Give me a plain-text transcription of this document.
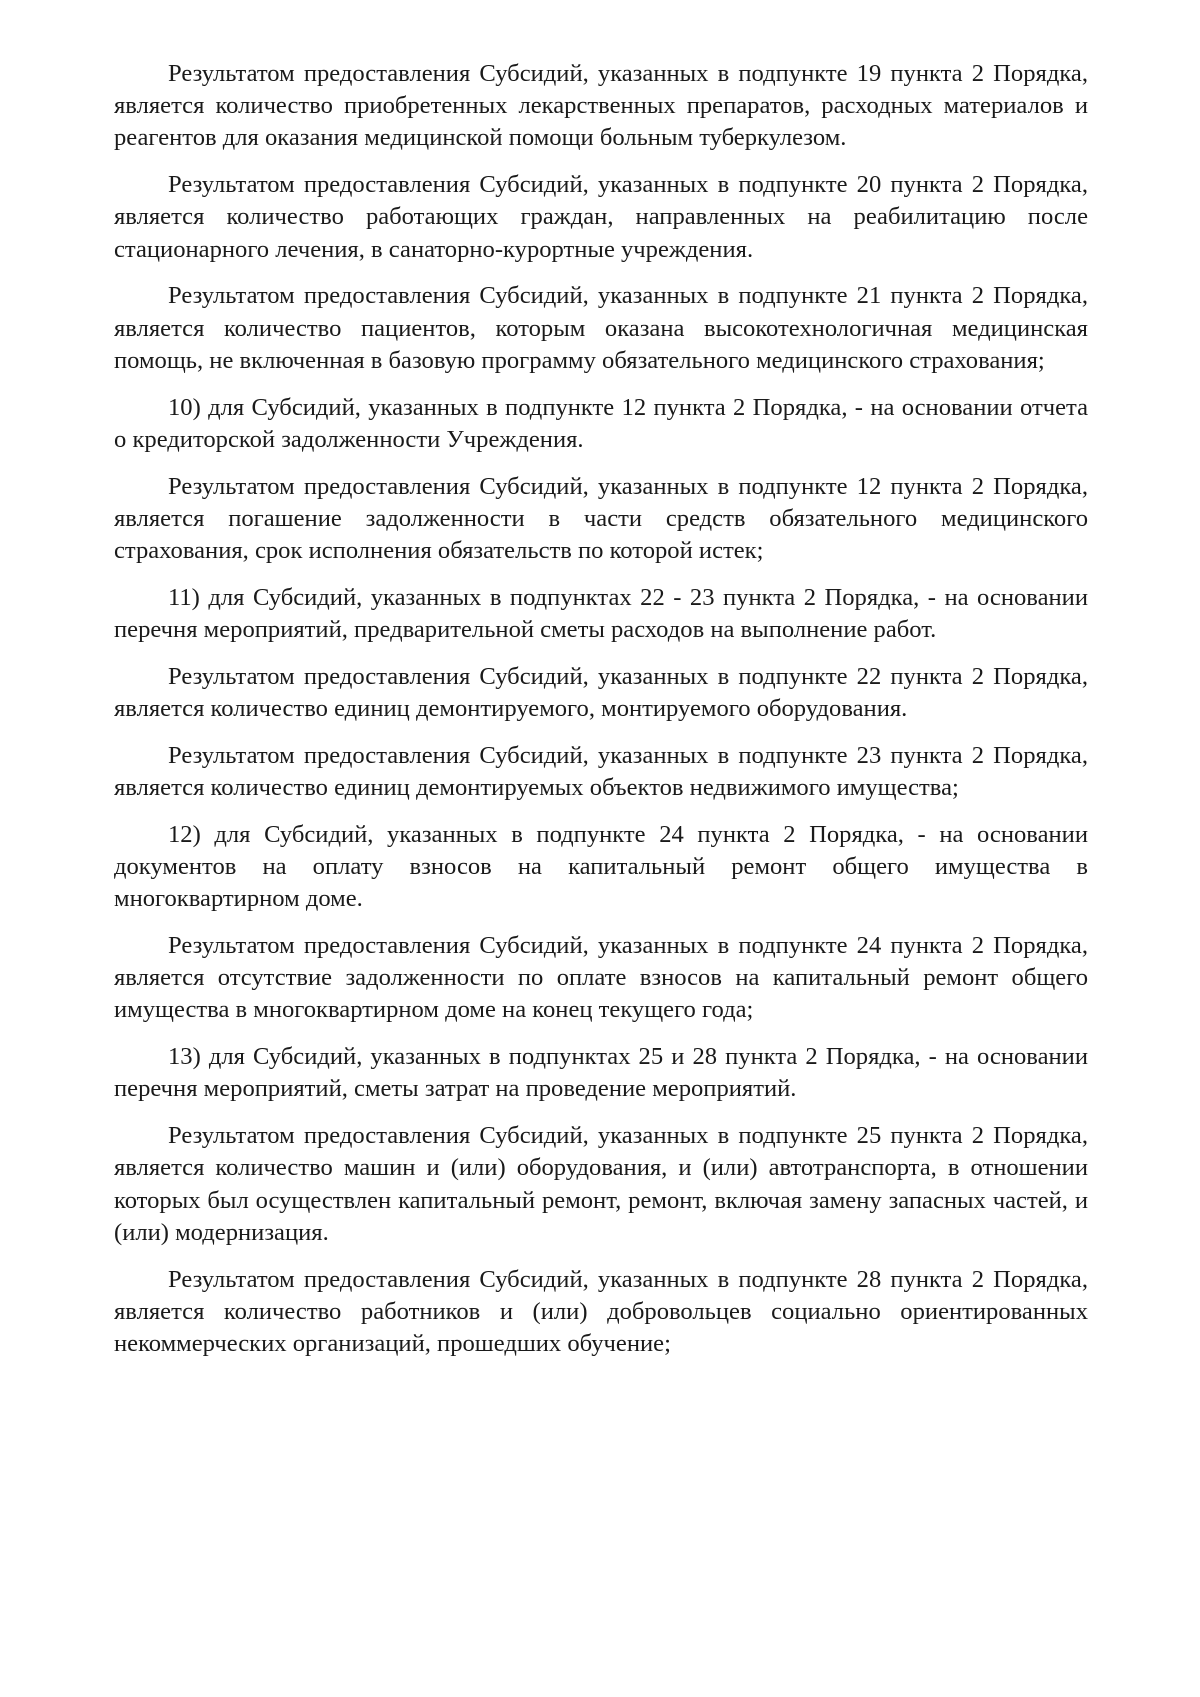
Результатом предоставления Субсидий, указанных в подпункте 19 пункта 2 Порядка, является количество приобретенных лекарственных препаратов, расходных материалов и реагентов для оказания медицинской помощи больным туберкулезом.

Результатом предоставления Субсидий, указанных в подпункте 20 пункта 2 Порядка, является количество работающих граждан, направленных на реабилитацию после стационарного лечения, в санаторно-курортные учреждения.

Результатом предоставления Субсидий, указанных в подпункте 21 пункта 2 Порядка, является количество пациентов, которым оказана высокотехнологичная медицинская помощь, не включенная в базовую программу обязательного медицинского страхования;

10) для Субсидий, указанных в подпункте 12 пункта 2 Порядка, - на основании отчета о кредиторской задолженности Учреждения.

Результатом предоставления Субсидий, указанных в подпункте 12 пункта 2 Порядка, является погашение задолженности в части средств обязательного медицинского страхования, срок исполнения обязательств по которой истек;

11) для Субсидий, указанных в подпунктах 22 - 23 пункта 2 Порядка, - на основании перечня мероприятий, предварительной сметы расходов на выполнение работ.

Результатом предоставления Субсидий, указанных в подпункте 22 пункта 2 Порядка, является количество единиц демонтируемого, монтируемого оборудования.

Результатом предоставления Субсидий, указанных в подпункте 23 пункта 2 Порядка, является количество единиц демонтируемых объектов недвижимого имущества;

12) для Субсидий, указанных в подпункте 24 пункта 2 Порядка, - на основании документов на оплату взносов на капитальный ремонт общего имущества в многоквартирном доме.

Результатом предоставления Субсидий, указанных в подпункте 24 пункта 2 Порядка, является отсутствие задолженности по оплате взносов на капитальный ремонт общего имущества в многоквартирном доме на конец текущего года;

13) для Субсидий, указанных в подпунктах 25 и 28 пункта 2 Порядка, - на основании перечня мероприятий, сметы затрат на проведение мероприятий.

Результатом предоставления Субсидий, указанных в подпункте 25 пункта 2 Порядка, является количество машин и (или) оборудования, и (или) автотранспорта, в отношении которых был осуществлен капитальный ремонт, ремонт, включая замену запасных частей, и (или) модернизация.

Результатом предоставления Субсидий, указанных в подпункте 28 пункта 2 Порядка, является количество работников и (или) добровольцев социально ориентированных некоммерческих организаций, прошедших обучение;
